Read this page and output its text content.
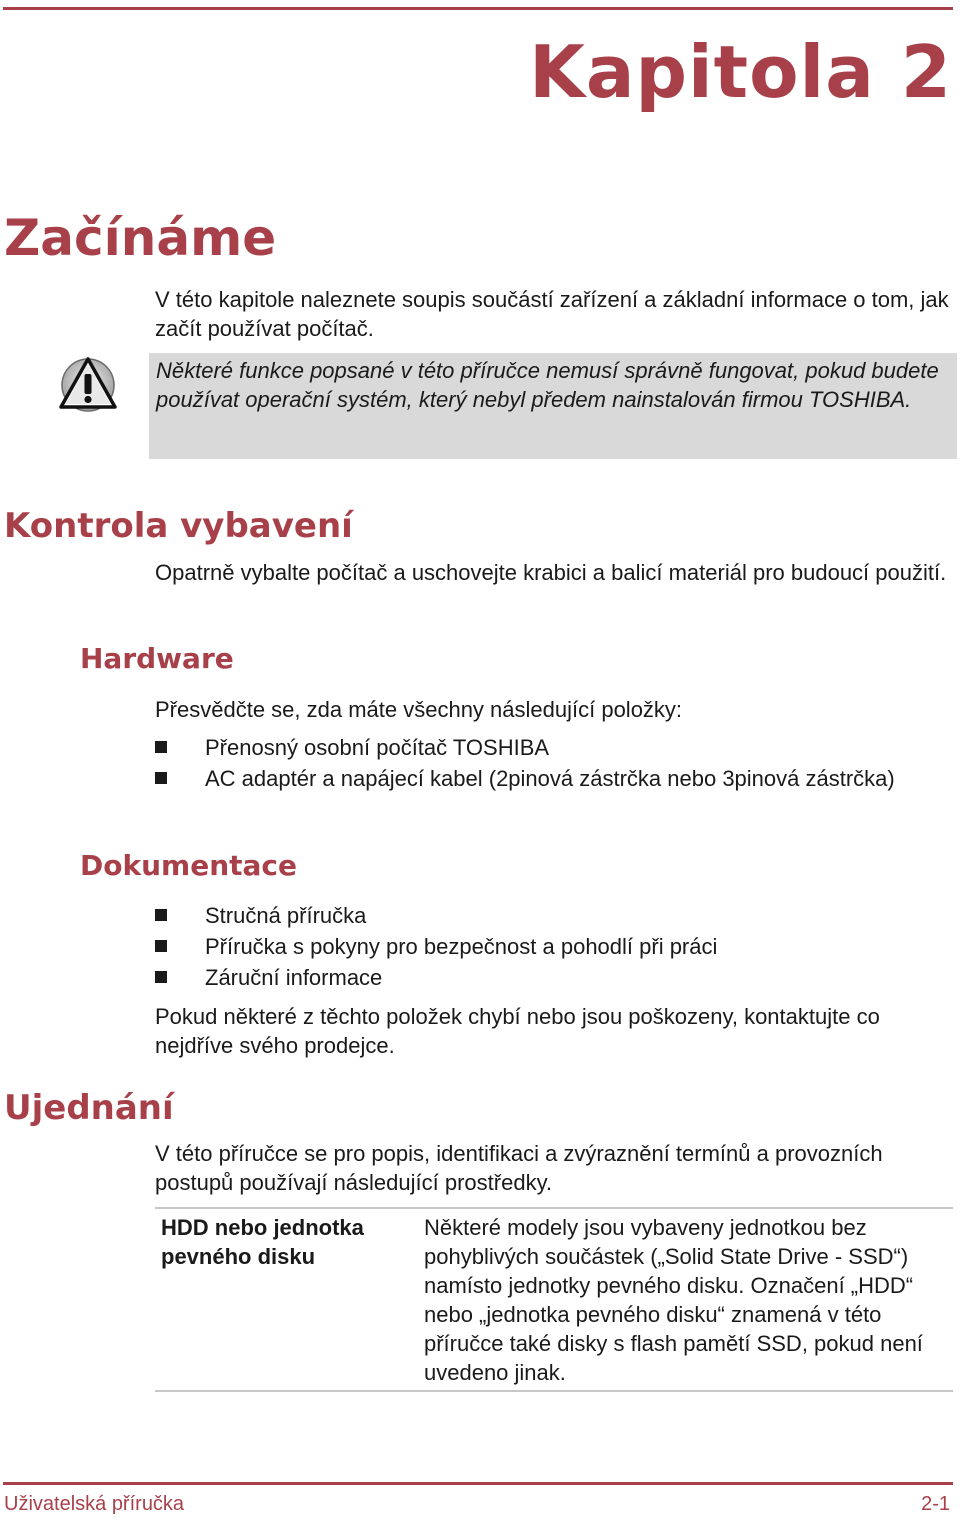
Kapitola 2
Začínáme

V této kapitole naleznete soupis součástí zařízení a základní informace o tom, jak začít používat počítač.

Některé funkce popsané v této příručce nemusí správně fungovat, pokud budete používat operační systém, který nebyl předem nainstalován firmou TOSHIBA.

Kontrola vybavení

Opatrně vybalte počítač a uschovejte krabici a balicí materiál pro budoucí použití.

Hardware

Přesvědčte se, zda máte všechny následující položky:

Přenosný osobní počítač TOSHIBA
AC adaptér a napájecí kabel (2pinová zástrčka nebo 3pinová zástrčka)
Dokumentace
Stručná příručka
Příručka s pokyny pro bezpečnost a pohodlí při práci
Záruční informace

Pokud některé z těchto položek chybí nebo jsou poškozeny, kontaktujte co nejdříve svého prodejce.

Ujednání

V této příručce se pro popis, identifikaci a zvýraznění termínů a provozních postupů používají následující prostředky.

HDD nebo jednotka pevného disku
Některé modely jsou vybaveny jednotkou bez pohyblivých součástek („Solid State Drive - SSD“) namísto jednotky pevného disku. Označení „HDD“ nebo „jednotka pevného disku“ znamená v této příručce také disky s flash pamětí SSD, pokud není uvedeno jinak.
Uživatelská příručka	2-1
